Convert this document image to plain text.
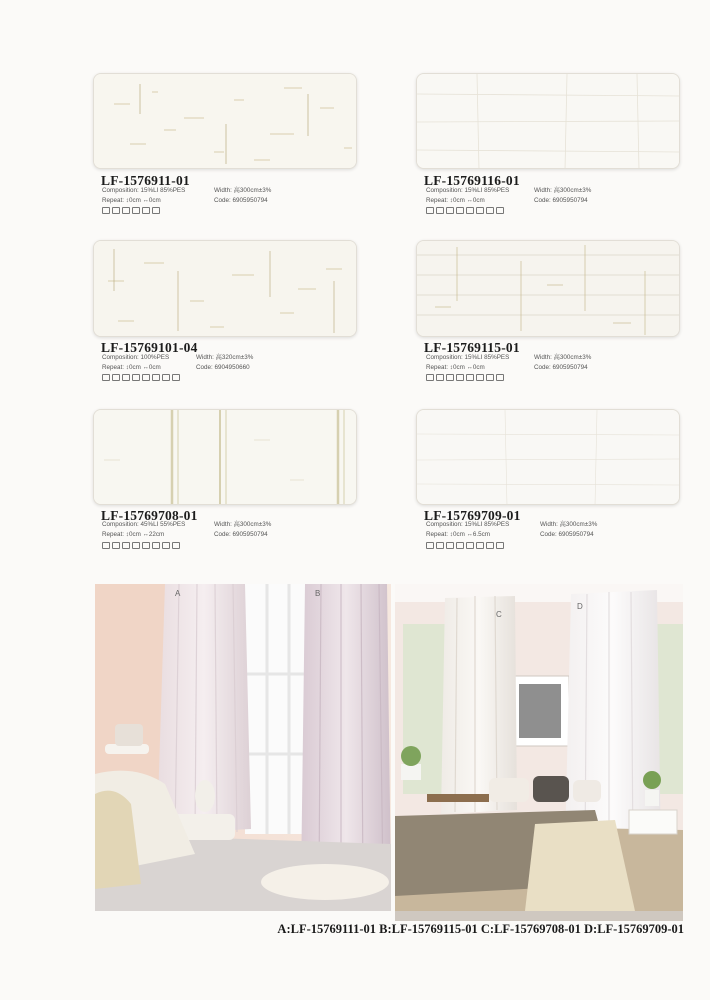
LF-1576911-01
Composition: 15%LI 85%PES	Width: 高300cm±3%
Repeat: ↕0cm ↔0cm	Code: 6905950794
LF-15769116-01
Composition: 15%LI 85%PES	Width: 高300cm±3%
Repeat: ↕0cm ↔0cm	Code: 6905950794
LF-15769101-04
Composition: 100%PES	Width: 高320cm±3%
Repeat: ↕0cm ↔0cm	Code: 6904950660
LF-15769115-01
Composition: 15%LI 85%PES	Width: 高300cm±3%
Repeat: ↕0cm ↔0cm	Code: 6905950794
LF-15769708-01
Composition: 45%LI 55%PES	Width: 高300cm±3%
Repeat: ↕0cm ↔22cm	Code: 6905950794
LF-15769709-01
Composition: 15%LI 85%PES	Width: 高300cm±3%
Repeat: ↕0cm ↔6.5cm	Code: 6905950794
A	B
C
D
A:LF-15769111-01 B:LF-15769115-01 C:LF-15769708-01 D:LF-15769709-01
